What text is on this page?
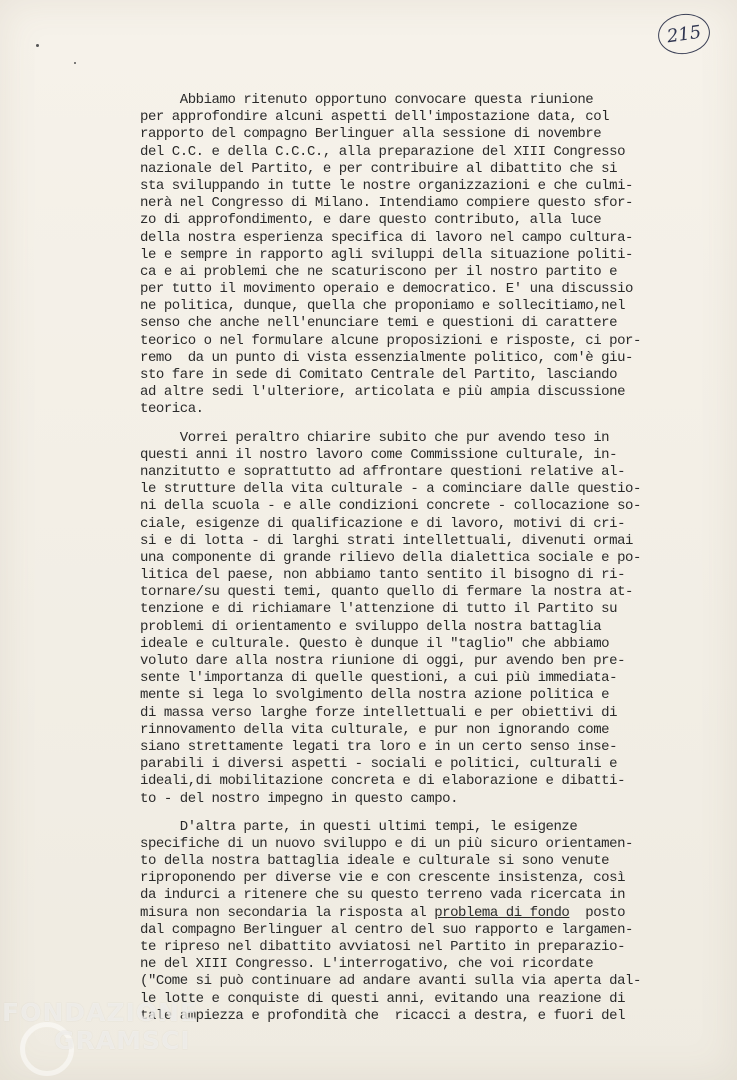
215
Abbiamo ritenuto opportuno convocare questa riunione
per approfondire alcuni aspetti dell'impostazione data, col
rapporto del compagno Berlinguer alla sessione di novembre
del C.C. e della C.C.C., alla preparazione del XIII Congresso
nazionale del Partito, e per contribuire al dibattito che si
sta sviluppando in tutte le nostre organizzazioni e che culmi-
nerà nel Congresso di Milano. Intendiamo compiere questo sfor-
zo di approfondimento, e dare questo contributo, alla luce
della nostra esperienza specifica di lavoro nel campo cultura-
le e sempre in rapporto agli sviluppi della situazione politi-
ca e ai problemi che ne scaturiscono per il nostro partito e
per tutto il movimento operaio e democratico. E' una discussio
ne politica, dunque, quella che proponiamo e sollecitiamo,nel
senso che anche nell'enunciare temi e questioni di carattere
teorico o nel formulare alcune proposizioni e risposte, ci por-
remo  da un punto di vista essenzialmente politico, com'è giu-
sto fare in sede di Comitato Centrale del Partito, lasciando
ad altre sedi l'ulteriore, articolata e più ampia discussione
teorica.
Vorrei peraltro chiarire subito che pur avendo teso in
questi anni il nostro lavoro come Commissione culturale, in-
nanzitutto e soprattutto ad affrontare questioni relative al-
le strutture della vita culturale - a cominciare dalle questio-
ni della scuola - e alle condizioni concrete - collocazione so-
ciale, esigenze di qualificazione e di lavoro, motivi di cri-
si e di lotta - di larghi strati intellettuali, divenuti ormai
una componente di grande rilievo della dialettica sociale e po-
litica del paese, non abbiamo tanto sentito il bisogno di ri-
tornare/su questi temi, quanto quello di fermare la nostra at-
tenzione e di richiamare l'attenzione di tutto il Partito su
problemi di orientamento e sviluppo della nostra battaglia
ideale e culturale. Questo è dunque il "taglio" che abbiamo
voluto dare alla nostra riunione di oggi, pur avendo ben pre-
sente l'importanza di quelle questioni, a cui più immediata-
mente si lega lo svolgimento della nostra azione politica e
di massa verso larghe forze intellettuali e per obiettivi di
rinnovamento della vita culturale, e pur non ignorando come
siano strettamente legati tra loro e in un certo senso inse-
parabili i diversi aspetti - sociali e politici, culturali e
ideali,di mobilitazione concreta e di elaborazione e dibatti-
to - del nostro impegno in questo campo.
D'altra parte, in questi ultimi tempi, le esigenze
specifiche di un nuovo sviluppo e di un più sicuro orientamen-
to della nostra battaglia ideale e culturale si sono venute
riproponendo per diverse vie e con crescente insistenza, così
da indurci a ritenere che su questo terreno vada ricercata in
misura non secondaria la risposta al problema di fondo  posto
dal compagno Berlinguer al centro del suo rapporto e largamen-
te ripreso nel dibattito avviatosi nel Partito in preparazio-
ne del XIII Congresso. L'interrogativo, che voi ricordate
("Come si può continuare ad andare avanti sulla via aperta dal-
le lotte e conquiste di questi anni, evitando una reazione di
tale ampiezza e profondità che  ricacci a destra, e fuori del
FONDAZIONE
GRAMSCI
